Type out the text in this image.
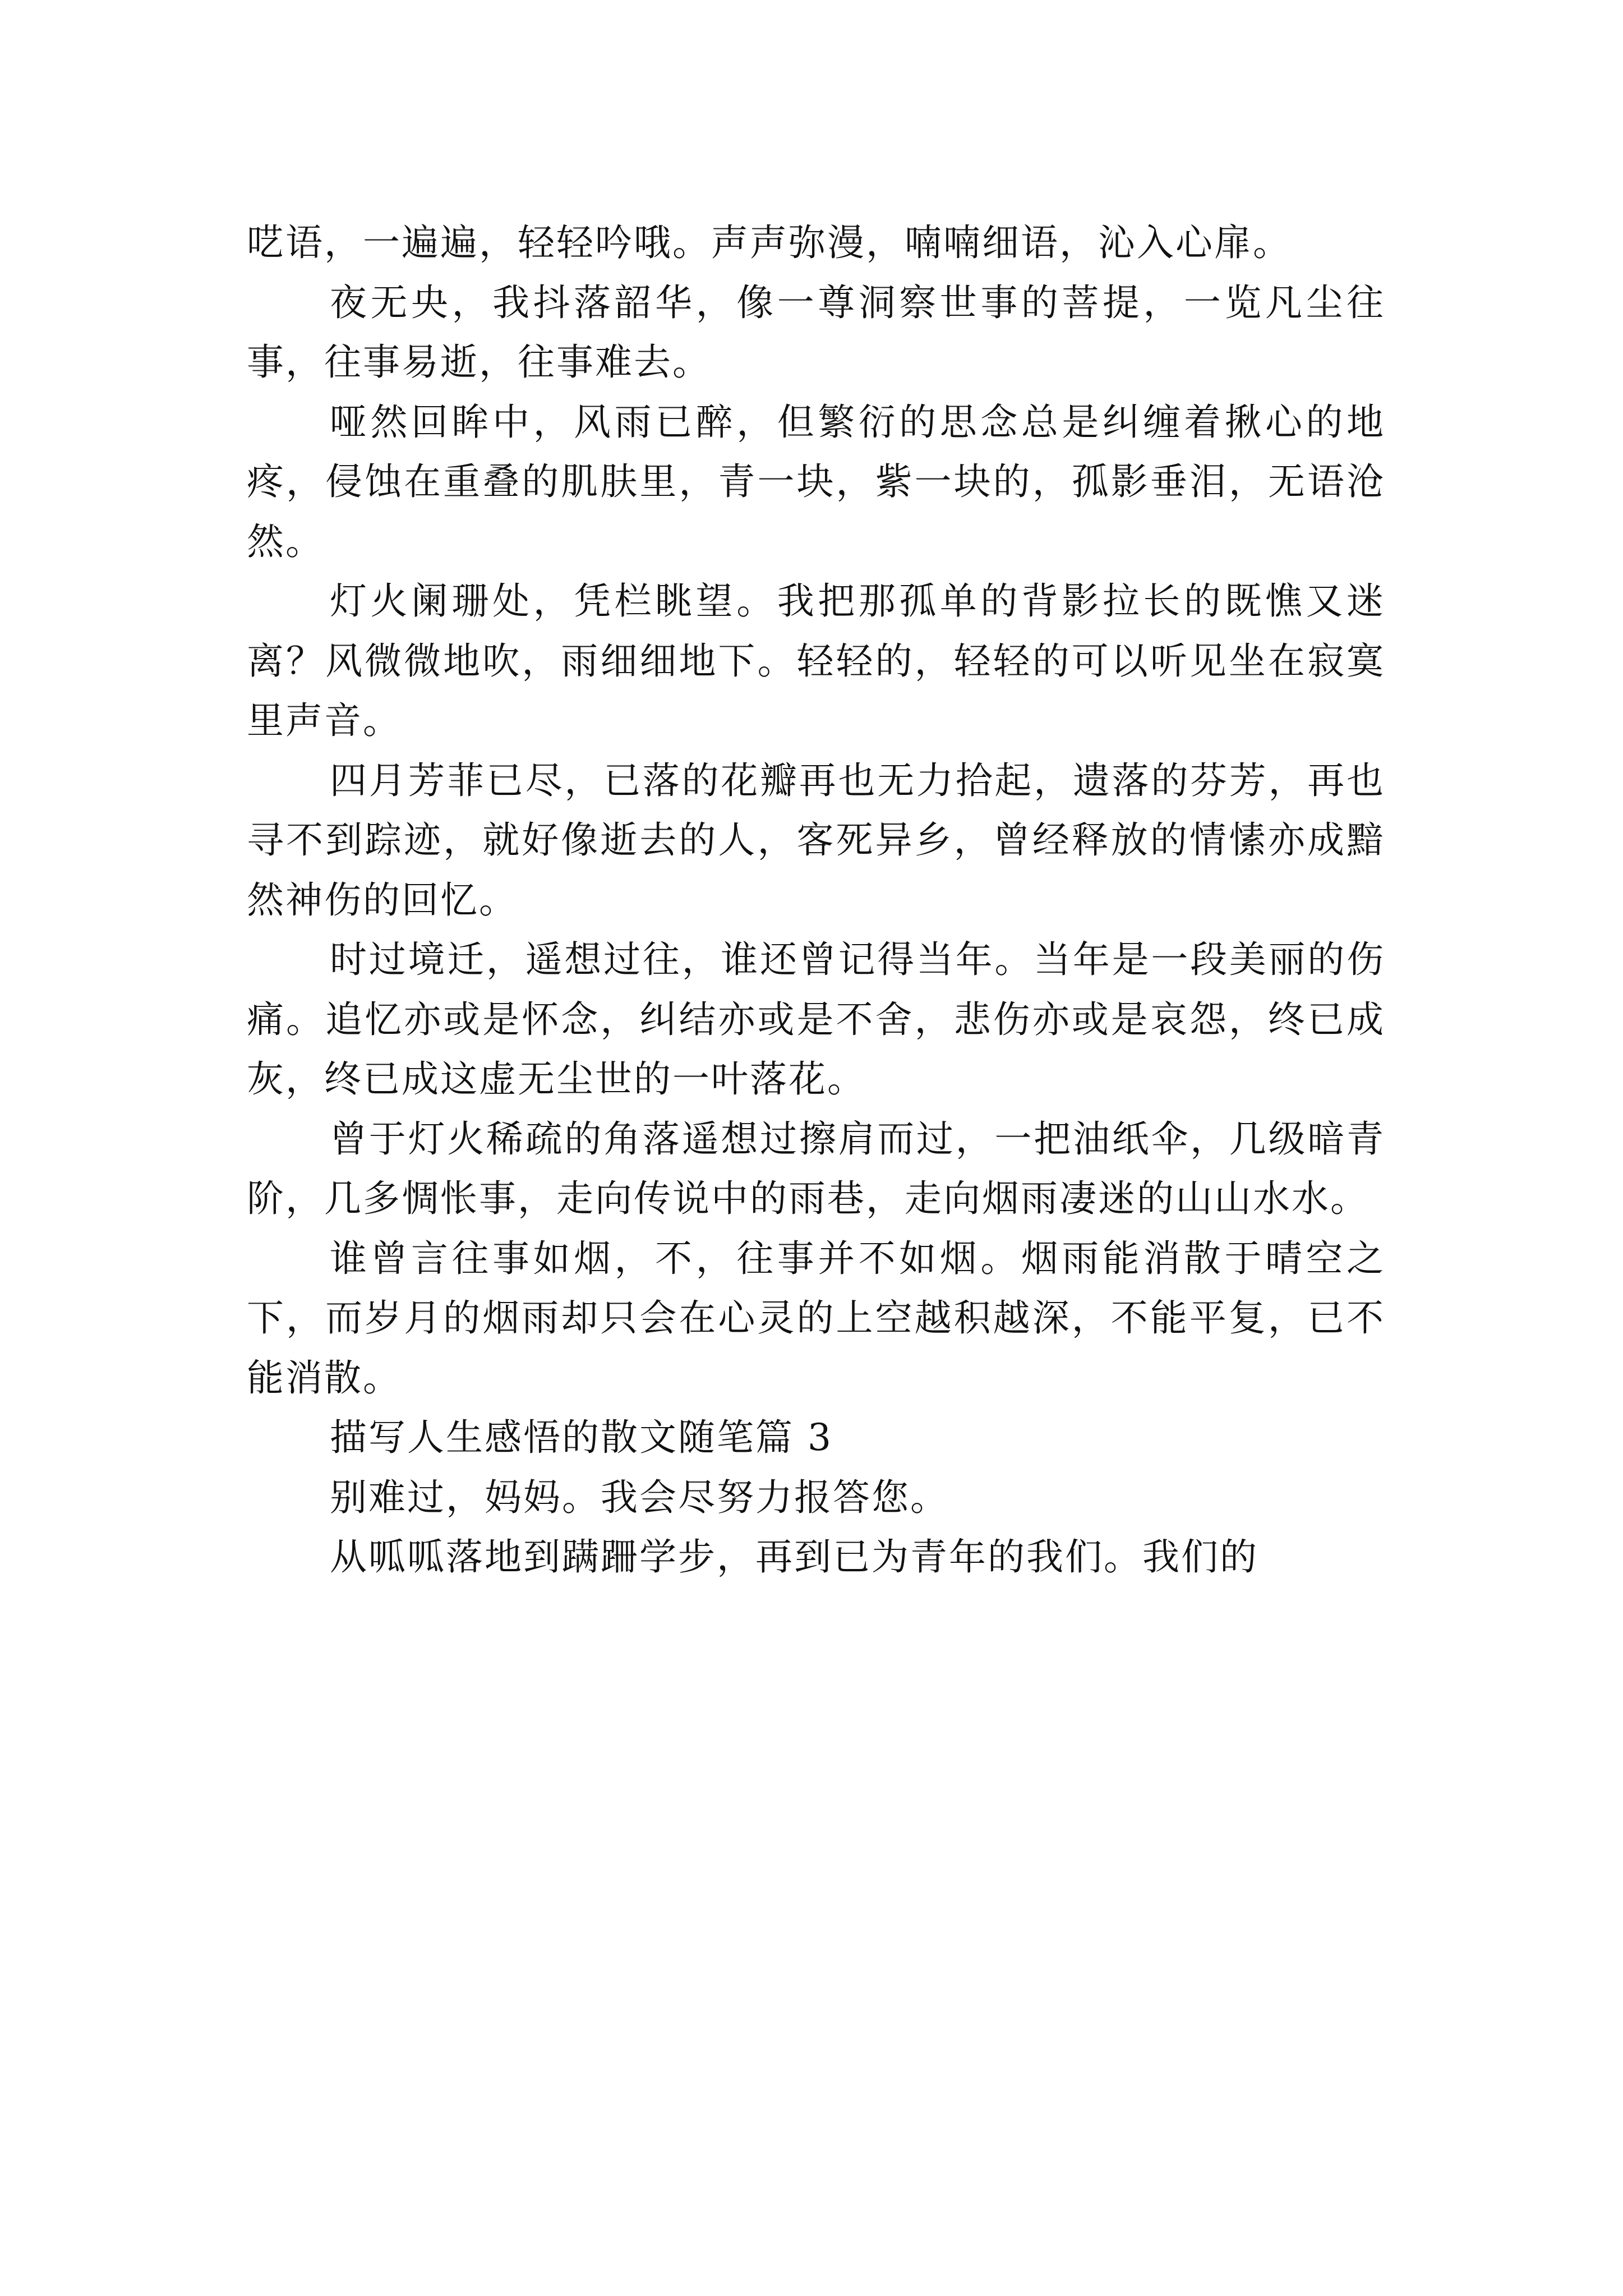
呓语，一遍遍，轻轻吟哦。声声弥漫，喃喃细语，沁入心扉。

夜无央，我抖落韶华，像一尊洞察世事的菩提，一览凡尘往事，往事易逝，往事难去。

哑然回眸中，风雨已醉，但繁衍的思念总是纠缠着揪心的地疼，侵蚀在重叠的肌肤里，青一块，紫一块的，孤影垂泪，无语沧然。

灯火阑珊处，凭栏眺望。我把那孤单的背影拉长的既憔又迷离？风微微地吹，雨细细地下。轻轻的，轻轻的可以听见坐在寂寞里声音。

四月芳菲已尽，已落的花瓣再也无力拾起，遗落的芬芳，再也寻不到踪迹，就好像逝去的人，客死异乡，曾经释放的情愫亦成黯然神伤的回忆。

时过境迁，遥想过往，谁还曾记得当年。当年是一段美丽的伤痛。追忆亦或是怀念，纠结亦或是不舍，悲伤亦或是哀怨，终已成灰，终已成这虚无尘世的一叶落花。

曾于灯火稀疏的角落遥想过擦肩而过，一把油纸伞，几级暗青阶，几多惆怅事，走向传说中的雨巷，走向烟雨凄迷的山山水水。

谁曾言往事如烟，不，往事并不如烟。烟雨能消散于晴空之下，而岁月的烟雨却只会在心灵的上空越积越深，不能平复，已不能消散。

描写人生感悟的散文随笔篇 3

别难过，妈妈。我会尽努力报答您。

从呱呱落地到蹒跚学步，再到已为青年的我们。我们的
